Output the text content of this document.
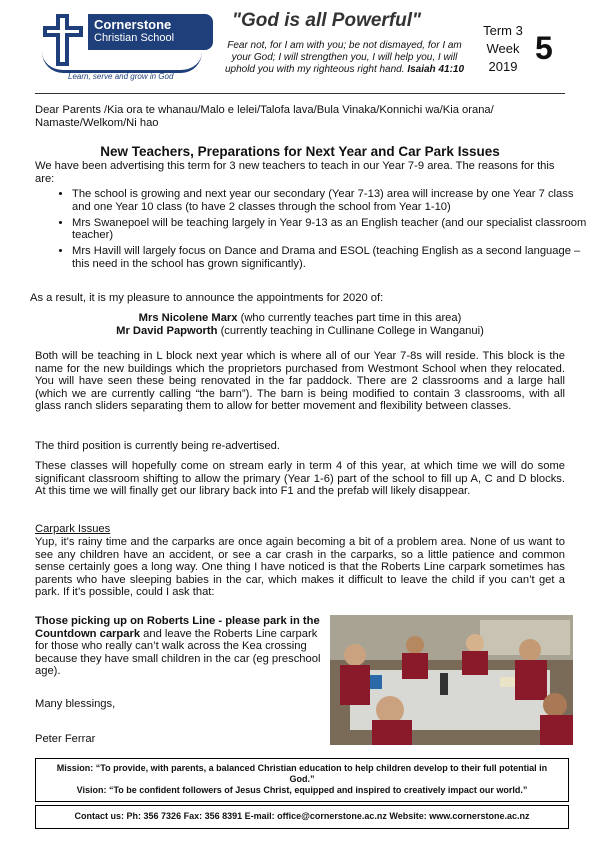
Cornerstone
Christian School
Learn, serve and grow in God
"God is all Powerful"
Fear not, for I am with you; be not dismayed, for I am your God; I will strengthen you, I will help you, I will uphold you with my righteous right hand. Isaiah 41:10
Term 3
Week
2019
5
Dear Parents /Kia ora te whanau/Malo e lelei/Talofa lava/Bula Vinaka/Konnichi wa/Kia orana/ Namaste/Welkom/Ni hao
New Teachers, Preparations for Next Year and Car Park Issues
We have been advertising this term for 3 new teachers to teach in our Year 7-9 area. The reasons for this are:
• The school is growing and next year our secondary (Year 7-13) area will increase by one Year 7 class and one Year 10 class (to have 2 classes through the school from Year 1-10)
• Mrs Swanepoel will be teaching largely in Year 9-13 as an English teacher (and our specialist classroom teacher)
• Mrs Havill will largely focus on Dance and Drama and ESOL (teaching English as a second language – this need in the school has grown significantly).
As a result, it is my pleasure to announce the appointments for 2020 of:
Mrs Nicolene Marx (who currently teaches part time in this area)
Mr David Papworth (currently teaching in Cullinane College in Wanganui)
Both will be teaching in L block next year which is where all of our Year 7-8s will reside. This block is the name for the new buildings which the proprietors purchased from Westmont School when they relocated. You will have seen these being renovated in the far paddock. There are 2 classrooms and a large hall (which we are currently calling “the barn”). The barn is being modified to contain 3 classrooms, with all glass ranch sliders separating them to allow for better movement and flexibility between classes.
The third position is currently being re-advertised.
These classes will hopefully come on stream early in term 4 of this year, at which time we will do some significant classroom shifting to allow the primary (Year 1-6) part of the school to fill up A, C and D blocks. At this time we will finally get our library back into F1 and the prefab will likely disappear.
Carpark Issues
Yup, it’s rainy time and the carparks are once again becoming a bit of a problem area. None of us want to see any children have an accident, or see a car crash in the carparks, so a little patience and common sense certainly goes a long way. One thing I have noticed is that the Roberts Line carpark sometimes has parents who have sleeping babies in the car, which makes it difficult to leave the child if you can’t get a park. If it’s possible, could I ask that:
Those picking up on Roberts Line - please park in the Countdown carpark and leave the Roberts Line carpark for those who really can’t walk across the Kea crossing because they have small children in the car (eg preschool age).
Many blessings,
Peter Ferrar
Mission: “To provide, with parents, a balanced Christian education to help children develop to their full potential in God.”
Vision: “To be confident followers of Jesus Christ, equipped and inspired to creatively impact our world.”
Contact us: Ph: 356 7326 Fax: 356 8391 E-mail: office@cornerstone.ac.nz Website: www.cornerstone.ac.nz
